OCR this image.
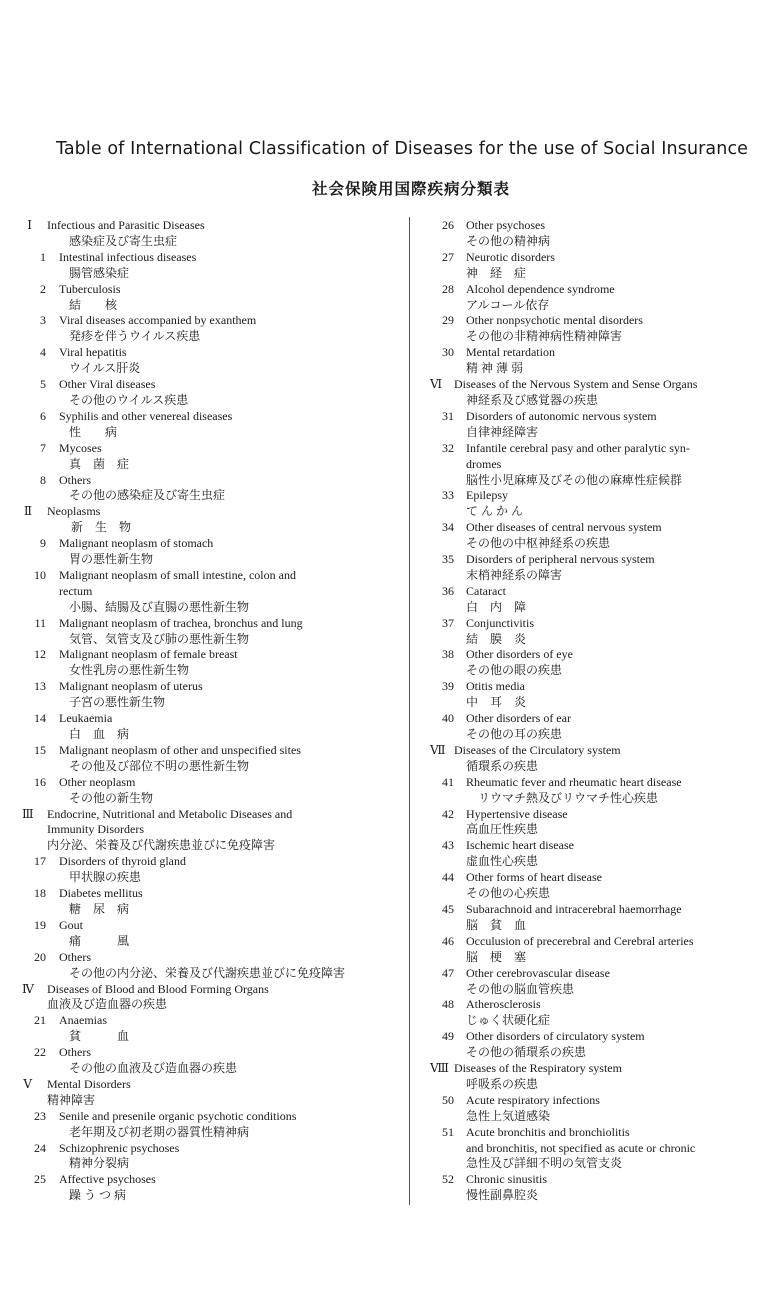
Table of International Classification of Diseases for the use of Social Insurance
社会保険用国際疾病分類表
Ⅰ	Infectious and Parasitic Diseases
感染症及び寄生虫症
1	Intestinal infectious diseases
腸管感染症
2	Tuberculosis
結　　核
3	Viral diseases accompanied by exanthem
発疹を伴うウイルス疾患
4	Viral hepatitis
ウイルス肝炎
5	Other Viral diseases
その他のウイルス疾患
6	Syphilis and other venereal diseases
性　　病
7	Mycoses
真　菌　症
8	Others
その他の感染症及び寄生虫症
Ⅱ	Neoplasms
新　生　物
9	Malignant neoplasm of stomach
胃の悪性新生物
10	Malignant neoplasm of small intestine, colon and
rectum
小腸、結腸及び直腸の悪性新生物
11	Malignant neoplasm of trachea, bronchus and lung
気管、気管支及び肺の悪性新生物
12	Malignant neoplasm of female breast
女性乳房の悪性新生物
13	Malignant neoplasm of uterus
子宮の悪性新生物
14	Leukaemia
白　血　病
15	Malignant neoplasm of other and unspecified sites
その他及び部位不明の悪性新生物
16	Other neoplasm
その他の新生物
Ⅲ	Endocrine, Nutritional and Metabolic Diseases and
Immunity Disorders
内分泌、栄養及び代謝疾患並びに免疫障害
17	Disorders of thyroid gland
甲状腺の疾患
18	Diabetes mellitus
糖　尿　病
19	Gout
痛　　　風
20	Others
その他の内分泌、栄養及び代謝疾患並びに免疫障害
Ⅳ	Diseases of Blood and Blood Forming Organs
血液及び造血器の疾患
21	Anaemias
貧　　　血
22	Others
その他の血液及び造血器の疾患
Ⅴ	Mental Disorders
精神障害
23	Senile and presenile organic psychotic conditions
老年期及び初老期の器質性精神病
24	Schizophrenic psychoses
精神分裂病
25	Affective psychoses
躁 う つ 病
26	Other psychoses
その他の精神病
27	Neurotic disorders
神　経　症
28	Alcohol dependence syndrome
アルコール依存
29	Other nonpsychotic mental disorders
その他の非精神病性精神障害
30	Mental retardation
精 神 薄 弱
Ⅵ Diseases of the Nervous System and Sense Organs
神経系及び感覚器の疾患
31	Disorders of autonomic nervous system
自律神経障害
32	Infantile cerebral pasy and other paralytic syn-
dromes
脳性小児麻痺及びその他の麻痺性症候群
33	Epilepsy
て ん か ん
34	Other diseases of central nervous system
その他の中枢神経系の疾患
35	Disorders of peripheral nervous system
末梢神経系の障害
36	Cataract
白　内　障
37	Conjunctivitis
結　膜　炎
38	Other disorders of eye
その他の眼の疾患
39	Otitis media
中　耳　炎
40	Other disorders of ear
その他の耳の疾患
Ⅶ Diseases of the Circulatory system
循環系の疾患
41	Rheumatic fever and rheumatic heart disease
リウマチ熱及びリウマチ性心疾患
42	Hypertensive disease
高血圧性疾患
43	Ischemic heart disease
虚血性心疾患
44	Other forms of heart disease
その他の心疾患
45	Subarachnoid and intracerebral haemorrhage
脳　貧　血
46	Occulusion of precerebral and Cerebral arteries
脳　梗　塞
47	Other cerebrovascular disease
その他の脳血管疾患
48	Atherosclerosis
じゅく状硬化症
49	Other disorders of circulatory system
その他の循環系の疾患
Ⅷ Diseases of the Respiratory system
呼吸系の疾患
50	Acute respiratory infections
急性上気道感染
51	Acute bronchitis and bronchiolitis
and bronchitis, not specified as acute or chronic
急性及び詳細不明の気管支炎
52	Chronic sinusitis
慢性副鼻腔炎
